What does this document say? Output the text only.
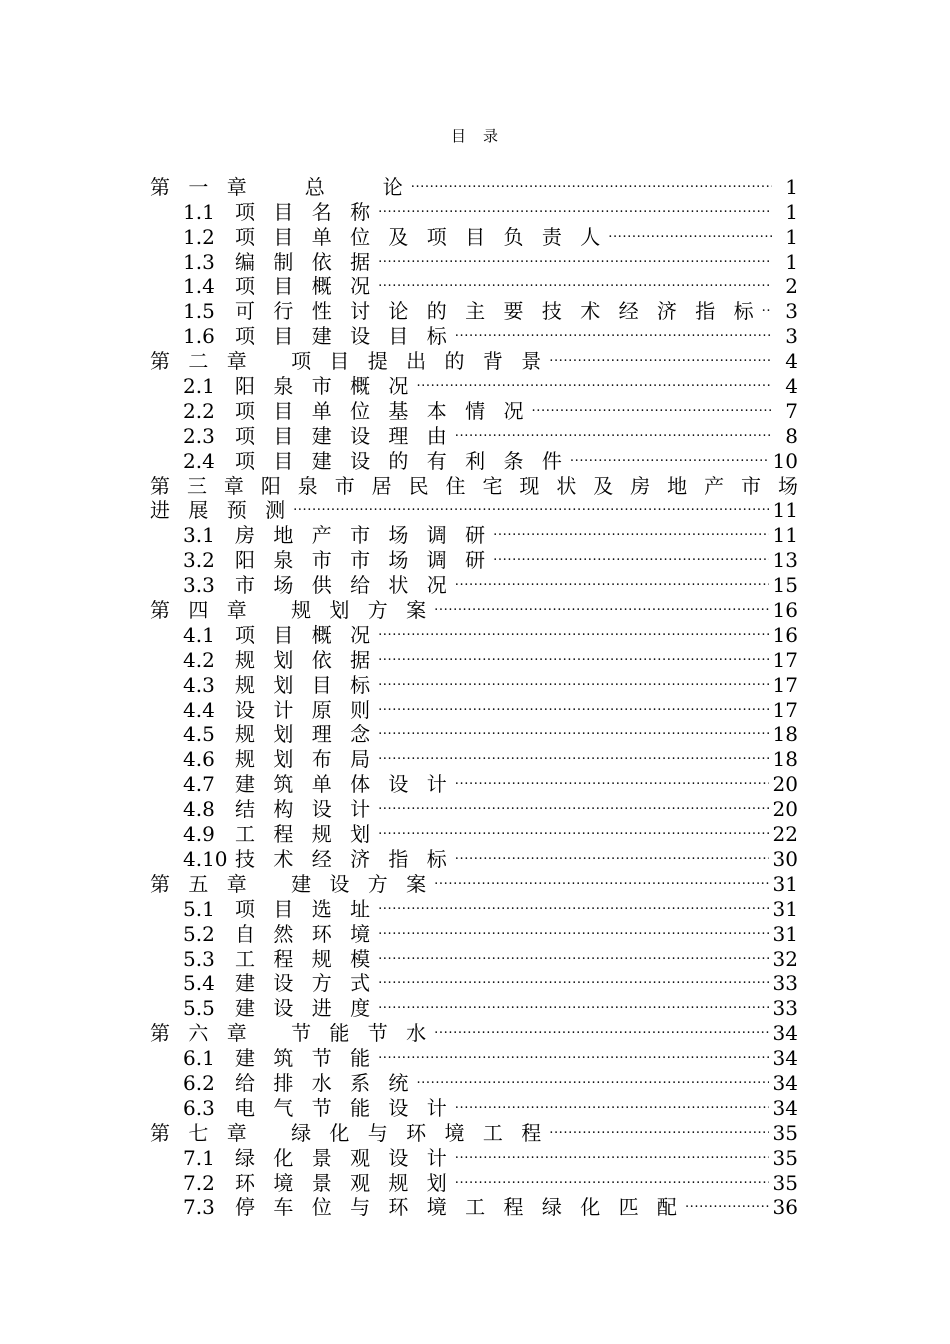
目　录
第 一 章　　总　　论 .....	1
1.1	项 目 名 称 .....	1
1.2	项 目 单 位 及 项 目 负 责 人 .....	1
1.3	编 制 依 据 .....	1
1.4	项 目 概 况 .....	2
1.5	可 行 性 讨 论 的 主 要 技 术 经 济 指 标 .....	3
1.6	项 目 建 设 目 标 .....	3
第 二 章　 项 目 提 出 的 背 景 .....	4
2.1	阳 泉 市 概 况 .....	4
2.2	项 目 单 位 基 本 情 况 .....	7
2.3	项 目 建 设 理 由 .....	8
2.4	项 目 建 设 的 有 利 条 件 .....	10
第 三 章 阳 泉 市 居 民 住 宅 现 状 及 房 地 产 市 场
进 展 预 测 .....	11
3.1	房 地 产 市 场 调 研 .....	11
3.2	阳 泉 市 市 场 调 研 .....	13
3.3	市 场 供 给 状 况 .....	15
第 四 章　 规 划 方 案 .....	16
4.1	项 目 概 况 .....	16
4.2	规 划 依 据 .....	17
4.3	规 划 目 标 .....	17
4.4	设 计 原 则 .....	17
4.5	规 划 理 念 .....	18
4.6	规 划 布 局 .....	18
4.7	建 筑 单 体 设 计 .....	20
4.8	结 构 设 计 .....	20
4.9	工 程 规 划 .....	22
4.10 技 术 经 济 指 标 .....	30
第 五 章　 建 设 方 案 .....	31
5.1	项 目 选 址 .....	31
5.2	自 然 环 境 .....	31
5.3	工 程 规 模 .....	32
5.4	建 设 方 式 .....	33
5.5	建 设 进 度 .....	33
第 六 章　 节 能 节 水 .....	34
6.1	建 筑 节 能 .....	34
6.2	给 排 水 系 统 .....	34
6.3	电 气 节 能 设 计 .....	34
第 七 章　 绿 化 与 环 境 工 程 .....	35
7.1	绿 化 景 观 设 计 .....	35
7.2	环 境 景 观 规 划 .....	35
7.3	停 车 位 与 环 境 工 程 绿 化 匹 配 .....	36
